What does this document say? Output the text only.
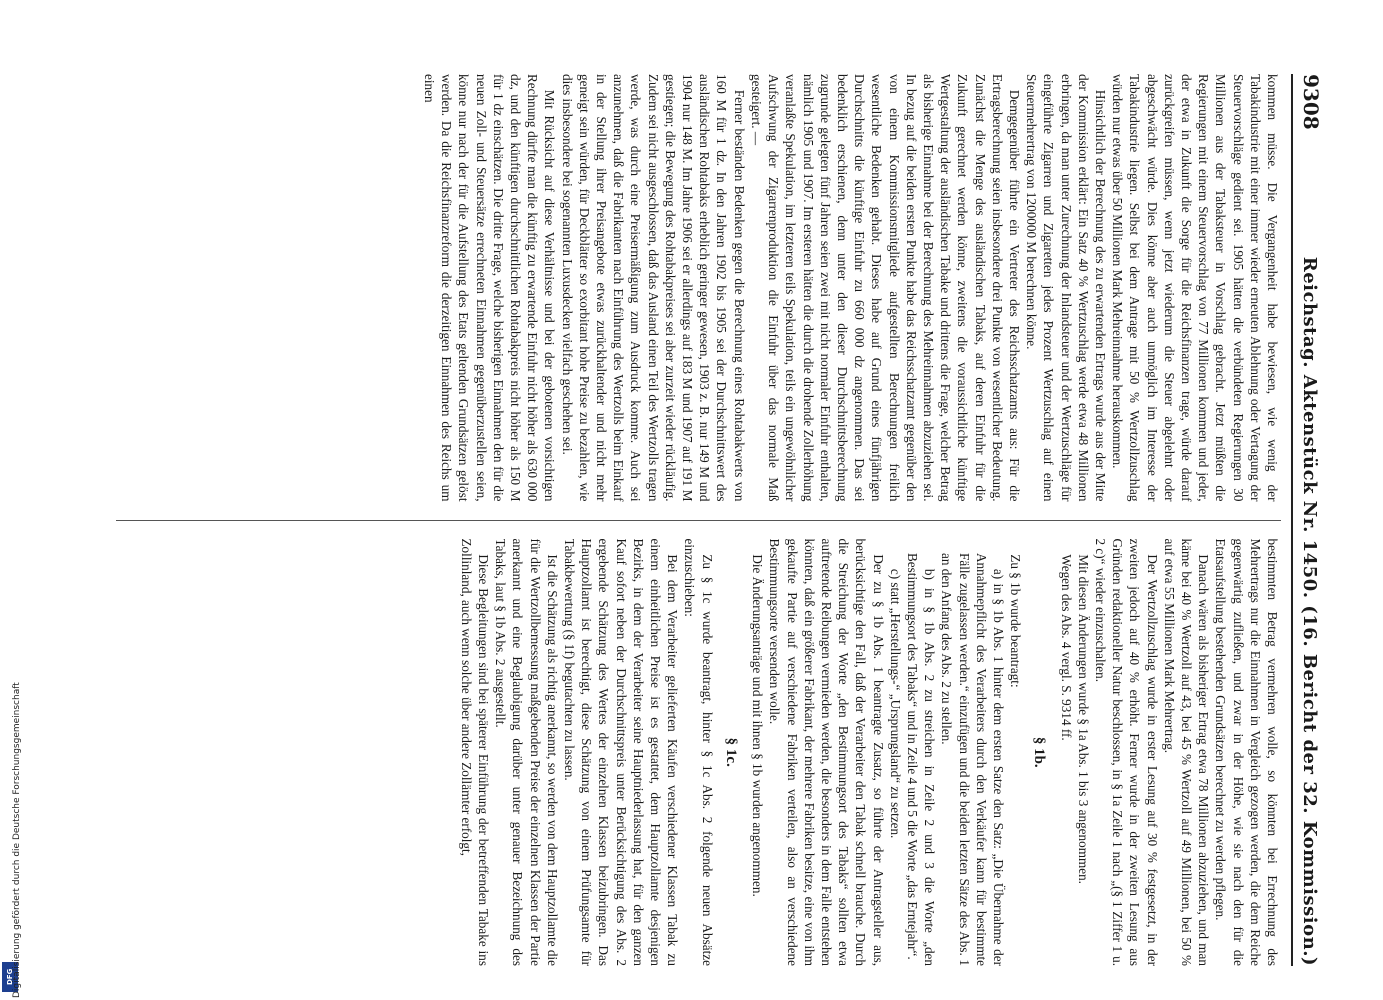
DFG
Digitalisierung gefördert durch die Deutsche Forschungsgemeinschaft
9308
Reichstag. Aktenstück Nr. 1450. (16. Bericht der 32. Kommission.)

kommen müsse. Die Vergangenheit habe bewiesen, wie wenig der Tabakindustrie mit einer immer wieder erneuten Ablehnung oder Vertagung der Steuervorschläge gedient sei. 1905 hätten die verbündeten Regierungen 30 Millionen aus der Tabaksteuer in Vorschlag gebracht. Jetzt müßten die Regierungen mit einem Steuervorschlag von 77 Millionen kommen und jeder, der etwa in Zukunft die Sorge für die Reichsfinanzen trage, würde darauf zurückgreifen müssen, wenn jetzt wiederum die Steuer abgelehnt oder abgeschwächt würde. Dies könne aber auch unmöglich im Interesse der Tabakindustrie liegen. Selbst bei dem Antrage mit 50 % Wertzollzuschlag würden nur etwas über 50 Millionen Mark Mehreinnahme herauskommen.

Hinsichtlich der Berechnung des zu erwartenden Ertrags wurde aus der Mitte der Kommission erklärt: Ein Satz 40 % Wertzuschlag werde etwa 48 Millionen erbringen, da man unter Zurechnung der Inlandsteuer und der Wertzuschläge für eingeführte Zigarren und Zigaretten jedes Prozent Wertzuschlag auf einen Steuermehrertrag von 1200000 M berechnen könne.

Demgegenüber führte ein Vertreter des Reichsschatzamts aus: Für die Ertragsberechnung seien insbesondere drei Punkte von wesentlicher Bedeutung. Zunächst die Menge des ausländischen Tabaks, auf deren Einfuhr für die Zukunft gerechnet werden könne, zweitens die voraussichtliche künftige Wertgestaltung der ausländischen Tabake und drittens die Frage, welcher Betrag als bisherige Einnahme bei der Berechnung des Mehreinnahmen abzuziehen sei. In bezug auf die beiden ersten Punkte habe das Reichsschatzamt gegenüber den von einem Kommissionsmitgliede aufgestellten Berechnungen freilich wesentliche Bedenken gehabt. Dieses habe auf Grund eines fünfjährigen Durchschnitts die künftige Einfuhr zu 660 000 dz angenommen. Das sei bedenklich erschienen, denn unter den dieser Durchschnittsberechnung zugrunde gelegten fünf Jahren seien zwei mit nicht normaler Einfuhr enthalten, nämlich 1905 und 1907. Im ersteren hätten die durch die drohende Zollerhöhung veranlaßte Spekulation, im letzteren teils Spekulation, teils ein ungewöhnlicher Aufschwung der Zigarrenproduktion die Einfuhr über das normale Maß gesteigert. —

Ferner beständen Bedenken gegen die Berechnung eines Rohtabakwerts von 160 M für 1 dz. In den Jahren 1902 bis 1905 sei der Durchschnittswert des ausländischen Rohtabaks erheblich geringer gewesen, 1903 z. B. nur 149 M und 1904 nur 148 M. Im Jahre 1906 sei er allerdings auf 183 M und 1907 auf 191 M gestiegen; die Bewegung des Rohtabakpreises sei aber zurzeit wieder rückläufig. Zudem sei nicht ausgeschlossen, daß das Ausland einen Teil des Wertzolls tragen werde, was durch eine Preisermäßigung zum Ausdruck komme. Auch sei anzunehmen, daß die Fabrikanten nach Einführung des Wertzolls beim Einkauf in der Stellung ihrer Preisangebote etwas zurückhaltender und nicht mehr geneigt sein würden, für Deckblätter so exorbitant hohe Preise zu bezahlen, wie dies insbesondere bei sogenannten Luxusdecken vielfach geschehen sei.

Mit Rücksicht auf diese Verhältnisse und bei der gebotenen vorsichtigen Rechnung dürfte man die künftig zu erwartende Einfuhr nicht höher als 630 000 dz, und den künftigen durchschnittlichen Rohtabakpreis nicht höher als 150 M für 1 dz einschätzen. Die dritte Frage, welche bisherigen Einnahmen den für die neuen Zoll- und Steuersätze errechneten Einnahmen gegenüberzustellen seien, könne nur nach der für die Aufstellung des Etats geltenden Grundsätzen gelöst werden. Da die Reichsfinanzreform die derzeitigen Einnahmen des Reichs um einen

bestimmten Betrag vermehren wolle, so könnten bei Errechnung des Mehrertrags nur die Einnahmen in Vergleich gezogen werden, die dem Reiche gegenwärtig zufließen, und zwar in der Höhe, wie sie nach den für die Etatsaufstellung bestehenden Grundsätzen berechnet zu werden pflegen.

Danach wären als bisheriger Ertrag etwa 78 Millionen abzuziehen, und man käme bei 40 % Wertzoll auf 43, bei 45 % Wertzoll auf 49 Millionen, bei 50 % auf etwa 55 Millionen Mark Mehrertrag.

Der Wertzollzuschlag wurde in erster Lesung auf 30 % festgesetzt, in der zweiten jedoch auf 40 % erhöht. Ferner wurde in der zweiten Lesung aus Gründen redaktioneller Natur beschlossen, in § 1a Zeile 1 nach „(§ 1 Ziffer 1 u. 2 c)“ wieder einzuschalten.

Mit diesen Änderungen wurde § 1a Abs. 1 bis 3 angenommen.

Wegen des Abs. 4 vergl. S. 9314 ff.

§ 1b.

Zu § 1b wurde beantragt:

a) in § 1b Abs. 1 hinter dem ersten Satze den Satz: „Die Übernahme der Annahmepflicht des Verarbeiters durch den Verkäufer kann für bestimmte Fälle zugelassen werden.“ einzufügen und die beiden letzten Sätze des Abs. 1 an den Anfang des Abs. 2 zu stellen.

b) in § 1b Abs. 2 zu streichen in Zeile 2 und 3 die Worte „den Bestimmungsort des Tabaks“ und in Zeile 4 und 5 die Worte „das Erntejahr“.

c) statt „Herstellungs-“ „Ursprungsland“ zu setzen.

Der zu § 1b Abs. 1 beantragte Zusatz, so führte der Antragsteller aus, berücksichtige den Fall, daß der Verarbeiter den Tabak schnell brauche. Durch die Streichung der Worte „den Bestimmungsort des Tabaks“ sollten etwa auftretende Reibungen vermieden werden, die besonders in dem Falle entstehen könnten, daß ein größerer Fabrikant, der mehrere Fabriken besitze, eine von ihm gekaufte Partie auf verschiedene Fabriken verteilen, also an verschiedene Bestimmungsorte versenden wolle.

Die Änderungsanträge und mit ihnen § 1b wurden angenommen.

§ 1c.

Zu § 1c wurde beantragt, hinter § 1c Abs. 2 folgende neuen Absätze einzuschieben:

Bei dem Verarbeiter gelieferten Käufen verschiedener Klassen Tabak zu einem einheitlichen Preise ist es gestattet, dem Hauptzollamte desjenigen Bezirks, in dem der Verarbeiter seine Hauptniederlassung hat, für den ganzen Kauf sofort neben der Durchschnittspreis unter Berücksichtigung des Abs. 2 ergebende Schätzung des Wertes der einzelnen Klassen beizubringen. Das Hauptzollamt ist berechtigt, diese Schätzung von einem Prüfungsamte für Tabakbewertung (§ 1f) begutachten zu lassen.

Ist die Schätzung als richtig anerkannt, so werden von dem Hauptzollamte die für die Wertzollbemessung maßgebenden Preise der einzelnen Klassen der Partie anerkannt und eine Beglaubigung darüber unter genauer Bezeichnung des Tabaks, laut § 1b Abs. 2 ausgestellt.

Diese Begleitungen sind bei späterer Einführung der betreffenden Tabake ins Zollinland, auch wenn solche über andere Zollämter erfolgt,
